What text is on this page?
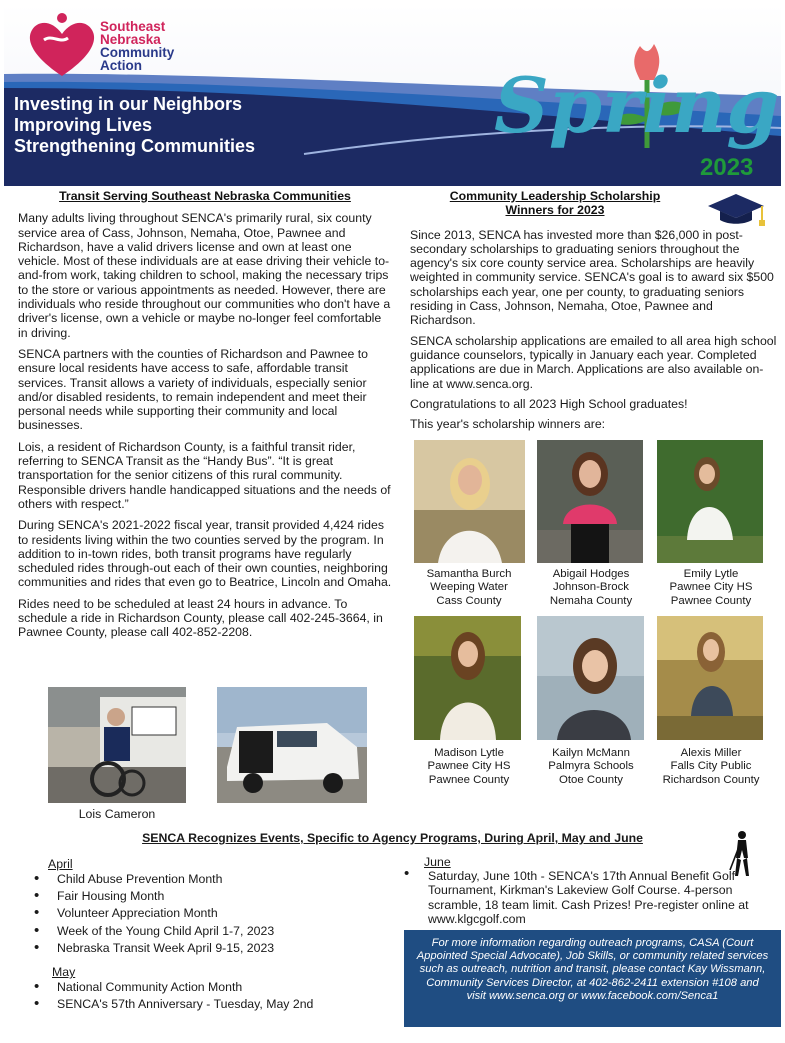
Southeast
Nebraska
Community
Action
Investing in our Neighbors
Improving Lives
Strengthening Communities	Spring
2023
Transit Serving Southeast Nebraska Communities

Many adults living throughout SENCA's primarily rural, six county service area of Cass, Johnson, Nemaha, Otoe, Pawnee and Richardson, have a valid drivers license and own at least one vehicle. Most of these individuals are at ease driving their vehicle to-and-from work, taking children to school, making the necessary trips to the store or various appointments as needed. However, there are individuals who reside throughout our communities who don't have a driver's license, own a vehicle or maybe no-longer feel comfortable in driving.

SENCA partners with the counties of Richardson and Pawnee to ensure local residents have access to safe, affordable transit services. Transit allows a variety of individuals, especially senior and/or disabled residents, to remain independent and meet their personal needs while supporting their community and local businesses.

Lois, a resident of Richardson County, is a faithful transit rider, referring to SENCA Transit as the “Handy Bus”. “It is great transportation for the senior citizens of this rural community. Responsible drivers handle handicapped situations and the needs of others with respect.”

During SENCA's 2021-2022 fiscal year, transit provided 4,424 rides to residents living within the two counties served by the program. In addition to in-town rides, both transit programs have regularly scheduled rides through-out each of their own counties, neighboring communities and rides that even go to Beatrice, Lincoln and Omaha.

Rides need to be scheduled at least 24 hours in advance. To schedule a ride in Richardson County, please call 402-245-3664, in Pawnee County, please call 402-852-2208.

Lois Cameron
Community Leadership Scholarship
Winners for 2023

Since 2013, SENCA has invested more than $26,000 in post-secondary scholarships to graduating seniors throughout the agency's six core county service area. Scholarships are heavily weighted in community service. SENCA's goal is to award six $500 scholarships each year, one per county, to graduating seniors residing in Cass, Johnson, Nemaha, Otoe, Pawnee and Richardson.

SENCA scholarship applications are emailed to all area high school guidance counselors, typically in January each year. Completed applications are due in March. Applications are also available on-line at www.senca.org.

Congratulations to all 2023 High School graduates!

This year's scholarship winners are:

Samantha Burch
Weeping Water
Cass County
Abigail Hodges
Johnson-Brock
Nemaha County
Emily Lytle
Pawnee City HS
Pawnee County
Madison Lytle
Pawnee City HS
Pawnee County
Kailyn McMann
Palmyra Schools
Otoe County
Alexis Miller
Falls City Public
Richardson County
SENCA Recognizes Events, Specific to Agency Programs, During April, May and June
April
• Child Abuse Prevention Month
• Fair Housing Month
• Volunteer Appreciation Month
• Week of the Young Child April 1-7, 2023
• Nebraska Transit Week April 9-15, 2023
May
• National Community Action Month
• SENCA's 57th Anniversary - Tuesday, May 2nd
June
• Saturday, June 10th - SENCA's 17th Annual Benefit Golf Tournament, Kirkman's Lakeview Golf Course. 4-person scramble, 18 team limit. Cash Prizes! Pre-register online at www.klgcgolf.com
For more information regarding outreach programs, CASA (Court Appointed Special Advocate), Job Skills, or community related services such as outreach, nutrition and transit, please contact Kay Wissmann, Community Services Director, at 402-862-2411 extension #108 and visit www.senca.org or www.facebook.com/Senca1
